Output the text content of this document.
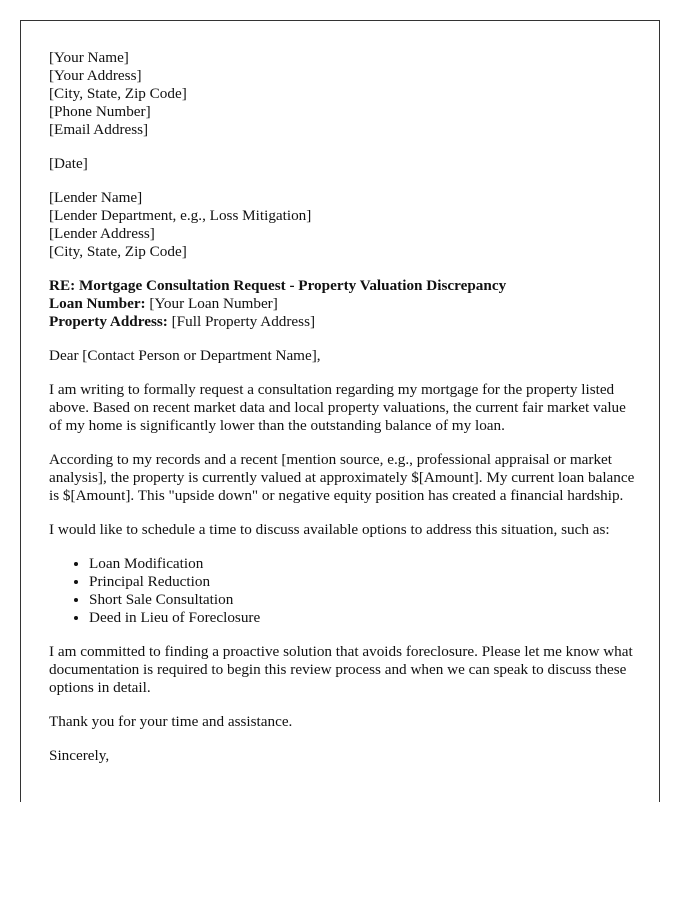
[Your Name]
[Your Address]
[City, State, Zip Code]
[Phone Number]
[Email Address]
[Date]
[Lender Name]
[Lender Department, e.g., Loss Mitigation]
[Lender Address]
[City, State, Zip Code]
RE: Mortgage Consultation Request - Property Valuation Discrepancy
Loan Number: [Your Loan Number]
Property Address: [Full Property Address]

Dear [Contact Person or Department Name],

I am writing to formally request a consultation regarding my mortgage for the property listed above. Based on recent market data and local property valuations, the current fair market value of my home is significantly lower than the outstanding balance of my loan.

According to my records and a recent [mention source, e.g., professional appraisal or market analysis], the property is currently valued at approximately $[Amount]. My current loan balance is $[Amount]. This "upside down" or negative equity position has created a financial hardship.

I would like to schedule a time to discuss available options to address this situation, such as:

• Loan Modification
• Principal Reduction
• Short Sale Consultation
• Deed in Lieu of Foreclosure

I am committed to finding a proactive solution that avoids foreclosure. Please let me know what documentation is required to begin this review process and when we can speak to discuss these options in detail.

Thank you for your time and assistance.

Sincerely,
